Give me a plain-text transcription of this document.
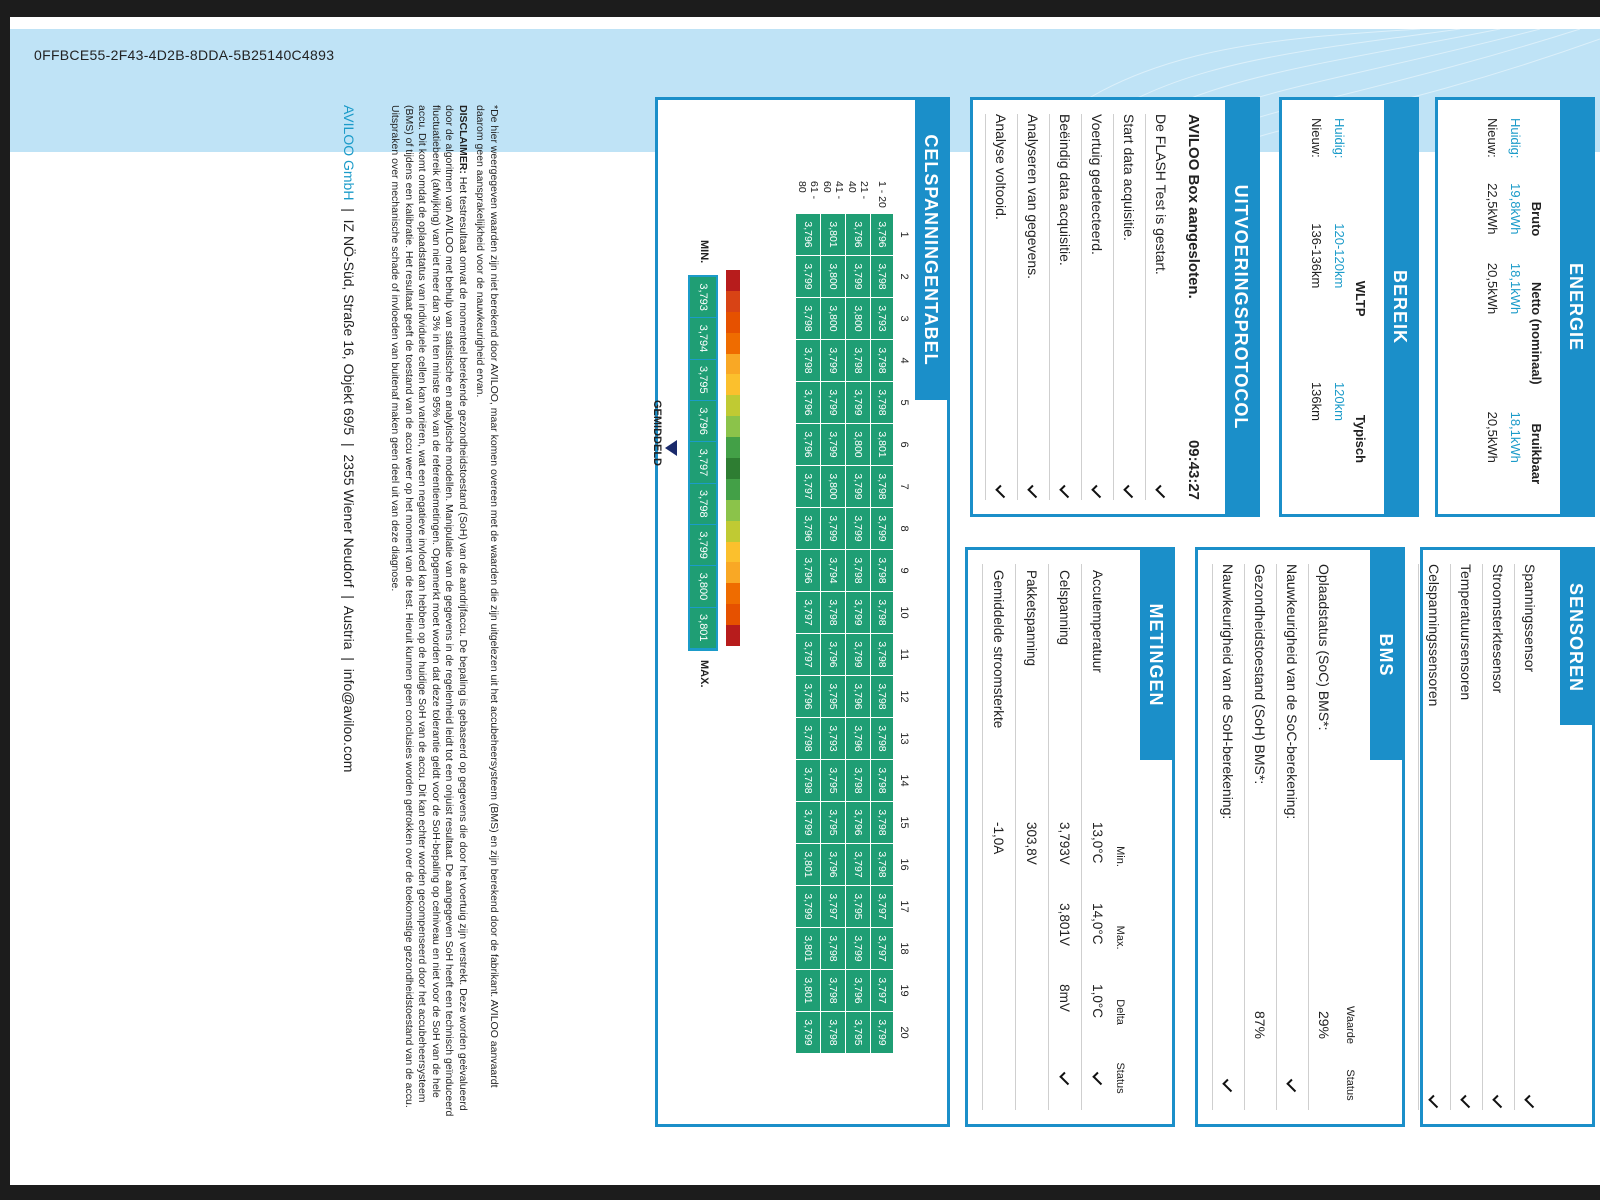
0FFBCE55-2F43-4D2B-8DDA-5B25140C4893
ENERGIE
	Bruto	Netto (nominaal)	Bruikbaar
Huidig:	19,8kWh	18,1kWh	18,1kWh
Nieuw:	22,5kWh	20,5kWh	20,5kWh
BEREIK
	WLTP	Typisch
Huidig:	120-120km	120km
Nieuw:	136-136km	136km
UITVOERINGSPROTOCOL
AVILOO Box aangesloten.
09:43:27
De FLASH Test is gestart.
Start data acquisitie.
Voertuig gedetecteerd.
Beëindig data acquisitie.
Analyseren van gegevens.
Analyse voltooid.
CELSPANNINGENTABEL
	1	2	3	4	5	6	7	8	9	10	11	12	13	14	15	16	17	18	19	20
1 - 20	3,796	3,798	3,793	3,798	3,798	3,801	3,798	3,799	3,798	3,798	3,798	3,798	3,798	3,798	3,798	3,798	3,797	3,797	3,797	3,799
21 - 40	3,796	3,799	3,800	3,798	3,799	3,800	3,799	3,799	3,798	3,799	3,799	3,796	3,796	3,798	3,796	3,797	3,795	3,799	3,796	3,795
41 - 60	3,801	3,800	3,800	3,799	3,799	3,799	3,800	3,799	3,794	3,798	3,796	3,795	3,793	3,795	3,795	3,796	3,797	3,798	3,798	3,798
61 - 80	3,796	3,799	3,798	3,798	3,796	3,796	3,797	3,796	3,796	3,797	3,797	3,796	3,798	3,798	3,799	3,801	3,799	3,801	3,801	3,799
3,793
3,794
3,795
3,796
3,797
3,798
3,799
3,800
3,801
MIN.
MAX.
GEMIDDELD
SENSOREN
Spanningssensor
Stroomsterktesensor
Temperatuursensoren
Celspanningssensoren
BMS
Waarde
Status
Oplaadstatus (SoC) BMS*:
29%
Nauwkeurigheid van de SoC-berekening:
Gezondheidstoestand (SoH) BMS*:
87%
Nauwkeurigheid van de SoH-berekening:
METINGEN
	Min.	Max.	Delta	Status
Accutemperatuur	13,0°C	14,0°C	1,0°C	
Celspanning	3,793V	3,801V	8mV	
Pakketspanning	303,8V			
Gemiddelde stroomsterkte	-1,0A			
*De hier weergegeven waarden zijn niet berekend door AVILOO, maar komen overeen met de waarden die zijn uitgelezen uit het accubeheersysteem (BMS) en zijn berekend door de fabrikant. AVILOO aanvaardt daarom geen aansprakelijkheid voor de nauwkeurigheid ervan.
DISCLAIMER: Het testresultaat omvat de momenteel berekende gezondheidstoestand (SoH) van de aandrijfaccu. De bepaling is gebaseerd op gegevens die door het voertuig zijn verstrekt. Deze worden geëvalueerd door de algoritmen van AVILOO met behulp van statistische en analytische modellen. Manipulatie van de gegevens in de regelenheid leidt tot een onjuist resultaat. De aangegeven SoH heeft een technisch geïnduceerd fluctuatiebereik (afwijking) van niet meer dan 3% in ten minste 95% van de referentiemetingen. Opgemerkt moet worden dat deze tolerantie geldt voor de SoH-bepaling op celniveau en niet voor de SoH van de hele accu. Dit komt omdat de oplaadstatus van individuele cellen kan variëren, wat een negatieve invloed kan hebben op de huidige SoH van de accu. Dit kan echter worden gecompenseerd door het accubeheersysteem (BMS) of tijdens een kalibratie. Het resultaat geeft de toestand van de accu weer op het moment van de test. Hieruit kunnen geen conclusies worden getrokken over de toekomstige gezondheidstoestand van de accu. Uitspraken over mechanische schade of invloeden van buitenaf maken geen deel uit van deze diagnose.
AVILOO GmbH  |  IZ NÖ-Süd, Straße 16, Objekt 69/5  |  2355 Wiener Neudorf  |  Austria  |  info@aviloo.com
